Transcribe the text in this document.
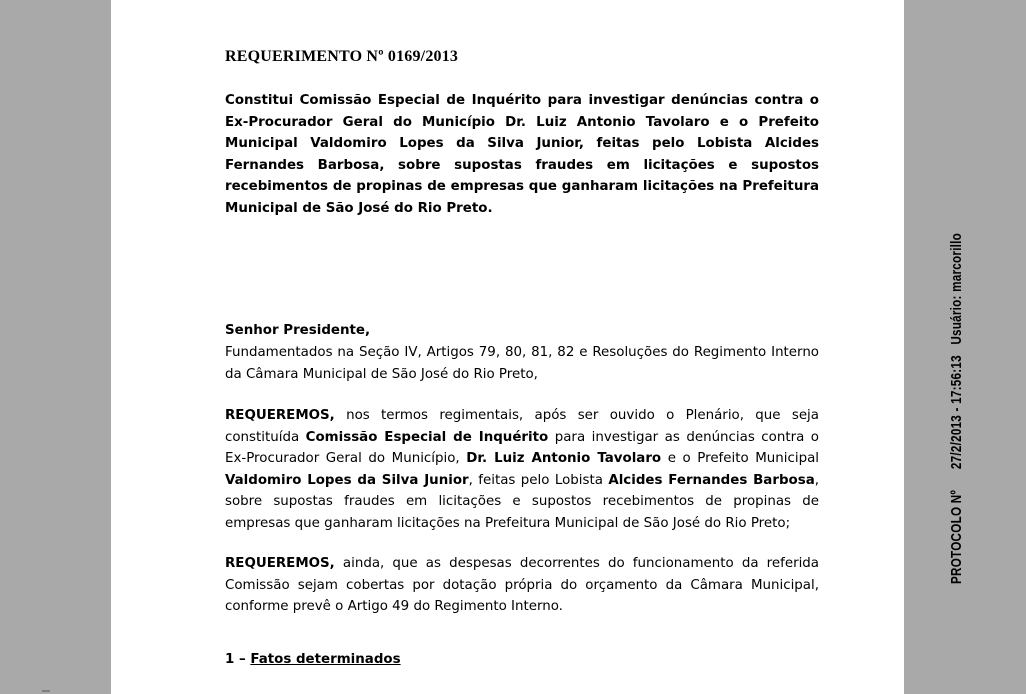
REQUERIMENTO Nº 0169/2013

Constitui Comissão Especial de Inquérito para investigar denúncias contra o Ex-Procurador Geral do Município Dr. Luiz Antonio Tavolaro e o Prefeito Municipal Valdomiro Lopes da Silva Junior, feitas pelo Lobista Alcides Fernandes Barbosa, sobre supostas fraudes em licitações e supostos recebimentos de propinas de empresas que ganharam licitações na Prefeitura Municipal de São José do Rio Preto.

Senhor Presidente,

Fundamentados na Seção IV, Artigos 79, 80, 81, 82 e Resoluções do Regimento Interno da Câmara Municipal de São José do Rio Preto,

REQUEREMOS, nos termos regimentais, após ser ouvido o Plenário, que seja constituída Comissão Especial de Inquérito para investigar as denúncias contra o Ex-Procurador Geral do Município, Dr. Luiz Antonio Tavolaro e o Prefeito Municipal Valdomiro Lopes da Silva Junior, feitas pelo Lobista Alcides Fernandes Barbosa, sobre supostas fraudes em licitações e supostos recebimentos de propinas de empresas que ganharam licitações na Prefeitura Municipal de São José do Rio Preto;

REQUEREMOS, ainda, que as despesas decorrentes do funcionamento da referida Comissão sejam cobertas por dotação própria do orçamento da Câmara Municipal, conforme prevê o Artigo 49 do Regimento Interno.

1 – Fatos determinados

PROTOCOLO Nº      27/2/2013 - 17:56:13   Usuário: marcorillo
